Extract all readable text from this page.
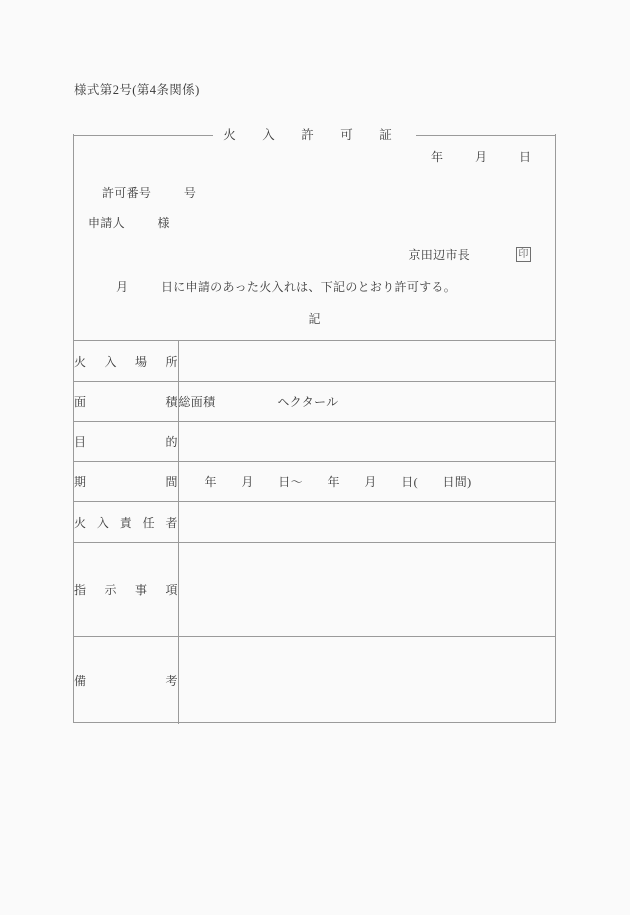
様式第2号(第4条関係)
火　入　許　可　証
年	月	日
許可番号	号
申請人	様
京田辺市長	印
月	日に申請のあった火入れは、下記のとおり許可する。
記
火 入 場 所	

面 積	総面積 ヘクタール

目 的	

期 間	年　　月　　日〜　　年　　月　　日(　　日間)

火 入 責 任 者	

指 示 事 項	

備 考	
